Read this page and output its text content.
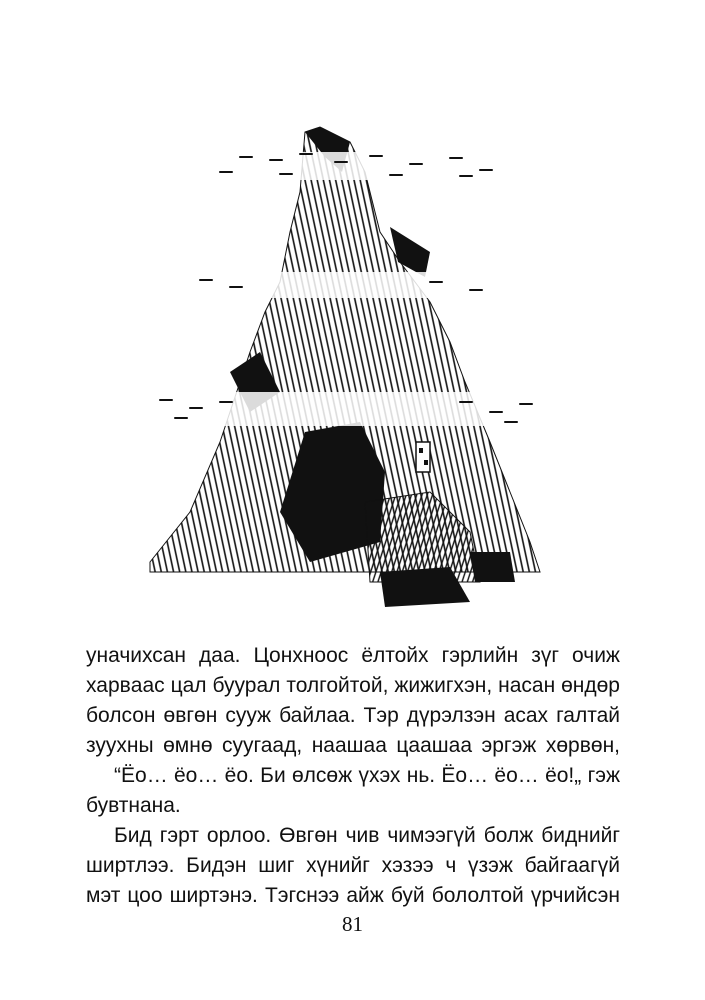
уначихсан даа. Цонхноос ёлтойх гэрлийн зүг очиж
харвaac цал буурал толгойтой, жижигхэн, насан өндөр
болсон өвгөн сууж байлаа. Тэр дүрэлзэн асах галтай
зуухны өмнө суугаад, наашаа цаашаа эргэж хөрвөн,
“Ёо… ёо… ёо. Би өлсөж үхэх нь. Ёо… ёо… ёо!„ гэж
бувтнана.
Бид гэрт орлоо. Өвгөн чив чимээгүй болж биднийг
ширтлээ. Бидэн шиг хүнийг хэзээ ч үзэж байгаагүй
мэт цоо ширтэнэ. Тэгснээ айж буй бололтой үрчийсэн
81
